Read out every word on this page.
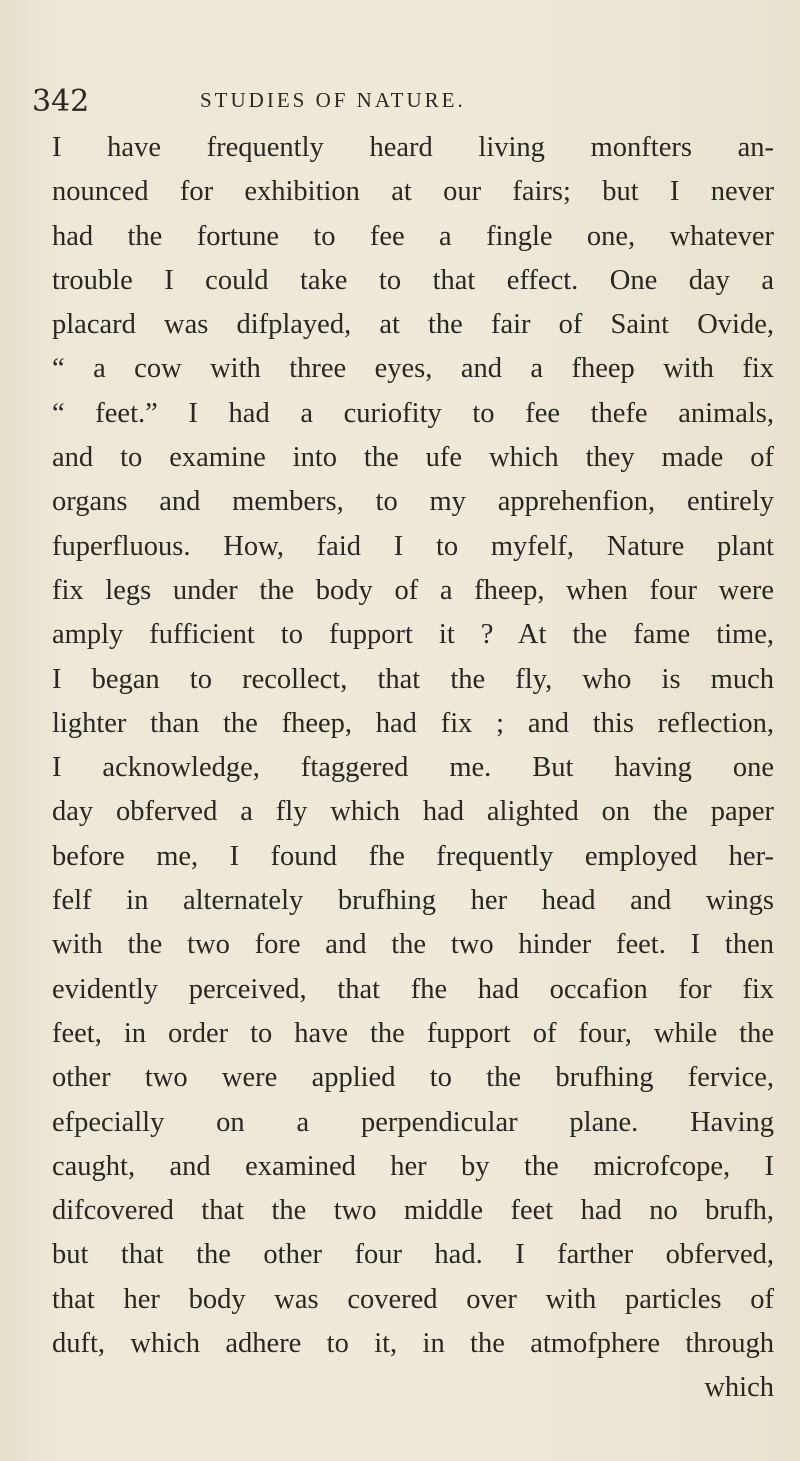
342	STUDIES OF NATURE.
I have frequently heard living monfters an-
nounced for exhibition at our fairs; but I never
had the fortune to fee a fingle one, whatever
trouble I could take to that effect. One day a
placard was difplayed, at the fair of Saint Ovide,
“ a cow with three eyes, and a fheep with fix
“ feet.” I had a curiofity to fee thefe animals,
and to examine into the ufe which they made of
organs and members, to my apprehenfion, entirely
fuperfluous. How, faid I to myfelf, Nature plant
fix legs under the body of a fheep, when four were
amply fufficient to fupport it ? At the fame time,
I began to recollect, that the fly, who is much
lighter than the fheep, had fix ; and this reflection,
I acknowledge, ftaggered me. But having one
day obferved a fly which had alighted on the paper
before me, I found fhe frequently employed her-
felf in alternately brufhing her head and wings
with the two fore and the two hinder feet. I then
evidently perceived, that fhe had occafion for fix
feet, in order to have the fupport of four, while the
other two were applied to the brufhing fervice,
efpecially on a perpendicular plane. Having
caught, and examined her by the microfcope, I
difcovered that the two middle feet had no brufh,
but that the other four had. I farther obferved,
that her body was covered over with particles of
duft, which adhere to it, in the atmofphere through
which
